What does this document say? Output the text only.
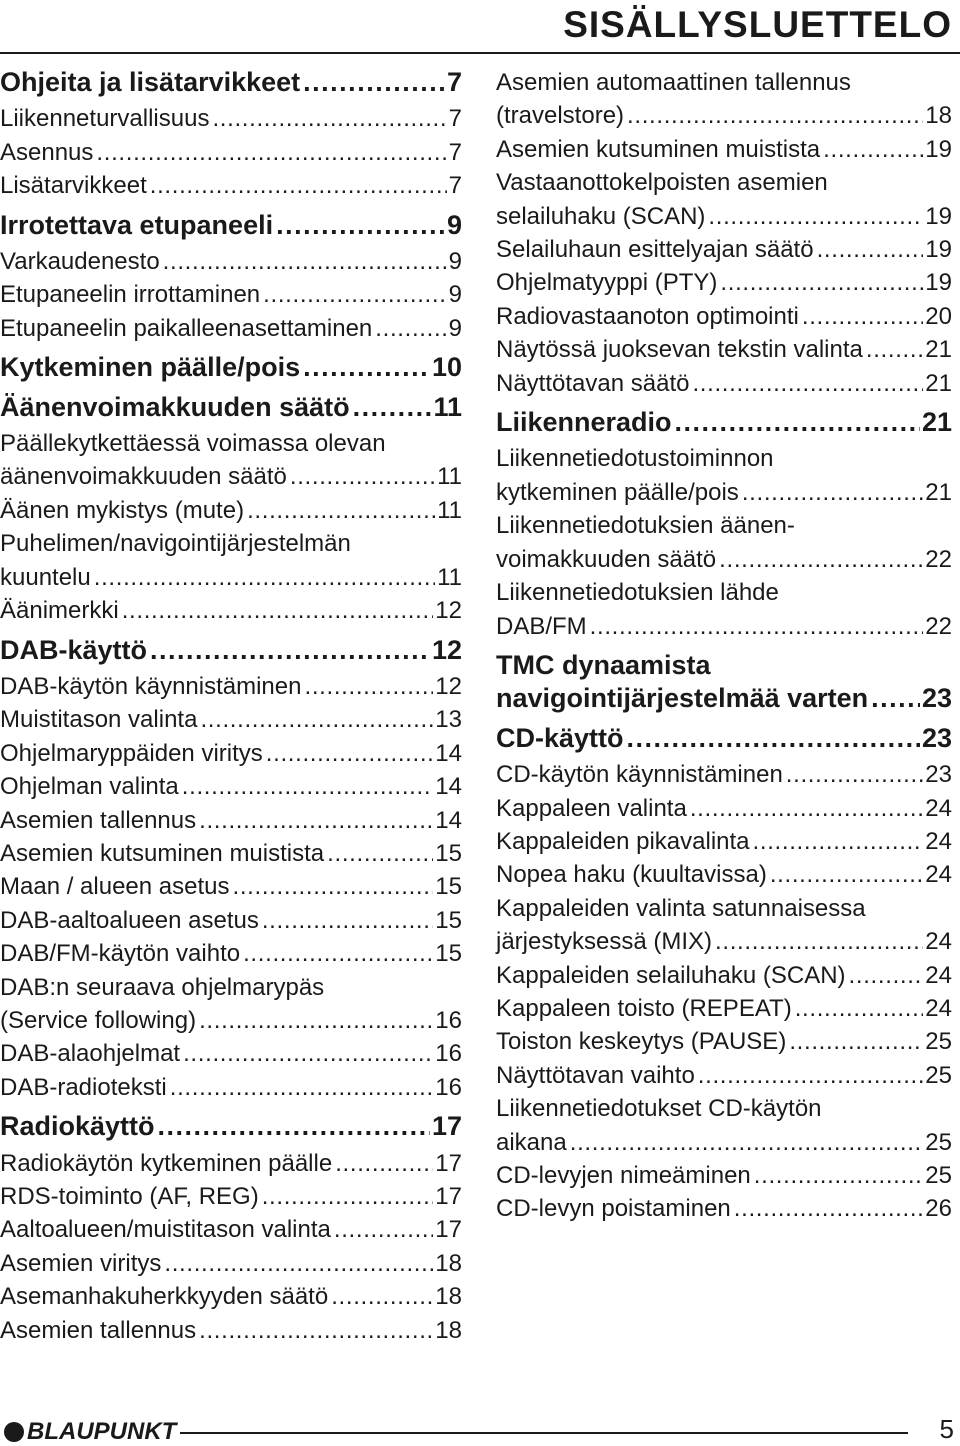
SISÄLLYSLUETTELO
Ohjeita ja lisätarvikkeet . . .	7
Liikenneturvallisuus . . .	7
Asennus . . .	7
Lisätarvikkeet . . .	7
Irrotettava etupaneeli . . .	9
Varkaudenesto . . .	9
Etupaneelin irrottaminen . . .	9
Etupaneelin paikalleenasettaminen . . .	9
Kytkeminen päälle/pois . . .	10
Äänenvoimakkuuden säätö . . .	11
Päällekytkettäessä voimassa olevan
äänenvoimakkuuden säätö . . .	11
Äänen mykistys (mute) . . .	11
Puhelimen/navigointijärjestelmän
kuuntelu . . .	11
Äänimerkki . . .	12
DAB-käyttö . . .	12
DAB-käytön käynnistäminen . . .	12
Muistitason valinta . . .	13
Ohjelmaryppäiden viritys . . .	14
Ohjelman valinta . . .	14
Asemien tallennus . . .	14
Asemien kutsuminen muistista . . .	15
Maan / alueen asetus . . .	15
DAB-aaltoalueen asetus . . .	15
DAB/FM-käytön vaihto . . .	15
DAB:n seuraava ohjelmarypäs
(Service following) . . .	16
DAB-alaohjelmat . . .	16
DAB-radioteksti . . .	16
Radiokäyttö . . .	17
Radiokäytön kytkeminen päälle . . .	17
RDS-toiminto (AF, REG) . . .	17
Aaltoalueen/muistitason valinta . . .	17
Asemien viritys . . .	18
Asemanhakuherkkyyden säätö . . .	18
Asemien tallennus . . .	18
Asemien automaattinen tallennus
(travelstore) . . .	18
Asemien kutsuminen muistista . . .	19
Vastaanottokelpoisten asemien
selailuhaku (SCAN) . . .	19
Selailuhaun esittelyajan säätö . . .	19
Ohjelmatyyppi (PTY) . . .	19
Radiovastaanoton optimointi . . .	20
Näytössä juoksevan tekstin valinta . . .	21
Näyttötavan säätö . . .	21
Liikenneradio . . .	21
Liikennetiedotustoiminnon
kytkeminen päälle/pois . . .	21
Liikennetiedotuksien äänen-
voimakkuuden säätö . . .	22
Liikennetiedotuksien lähde
DAB/FM . . .	22
TMC dynaamista
navigointijärjestelmää varten . . . 23
CD-käyttö . . .	23
CD-käytön käynnistäminen . . .	23
Kappaleen valinta . . .	24
Kappaleiden pikavalinta . . .	24
Nopea haku (kuultavissa) . . .	24
Kappaleiden valinta satunnaisessa
järjestyksessä (MIX) . . .	24
Kappaleiden selailuhaku (SCAN) . . .	24
Kappaleen toisto (REPEAT) . . .	24
Toiston keskeytys (PAUSE) . . .	25
Näyttötavan vaihto . . .	25
Liikennetiedotukset CD-käytön
aikana . . .	25
CD-levyjen nimeäminen . . .	25
CD-levyn poistaminen . . .	26
BLAUPUNKT	5
